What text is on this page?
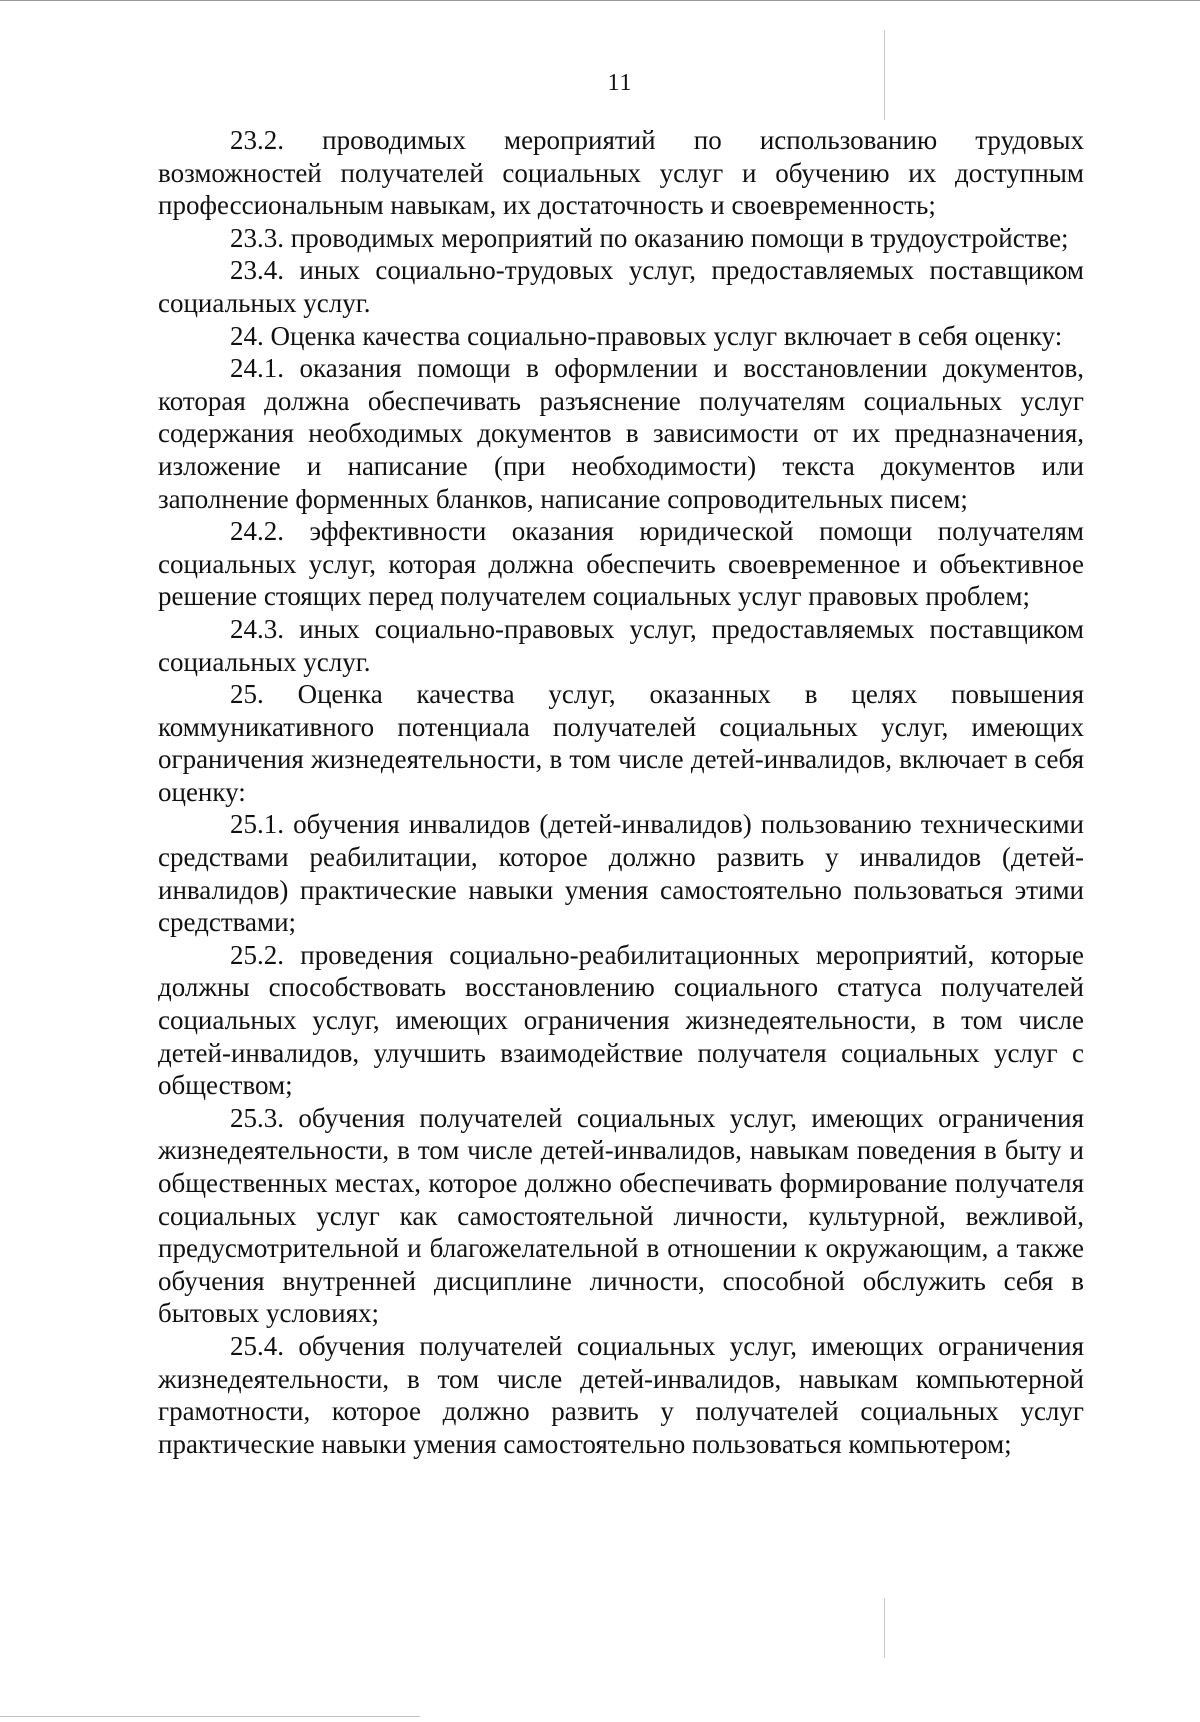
11

23.2. проводимых мероприятий по использованию трудовых возможностей получателей социальных услуг и обучению их доступным профессиональным навыкам, их достаточность и своевременность;

23.3. проводимых мероприятий по оказанию помощи в трудоустройстве;

23.4. иных социально-трудовых услуг, предоставляемых поставщиком социальных услуг.

24. Оценка качества социально-правовых услуг включает в себя оценку:

24.1. оказания помощи в оформлении и восстановлении документов, которая должна обеспечивать разъяснение получателям социальных услуг содержания необходимых документов в зависимости от их предназначения, изложение и написание (при необходимости) текста документов или заполнение форменных бланков, написание сопроводительных писем;

24.2. эффективности оказания юридической помощи получателям социальных услуг, которая должна обеспечить своевременное и объективное решение стоящих перед получателем социальных услуг правовых проблем;

24.3. иных социально-правовых услуг, предоставляемых поставщиком социальных услуг.

25. Оценка качества услуг, оказанных в целях повышения коммуникативного потенциала получателей социальных услуг, имеющих ограничения жизнедеятельности, в том числе детей-инвалидов, включает в себя оценку:

25.1. обучения инвалидов (детей-инвалидов) пользованию техническими средствами реабилитации, которое должно развить у инвалидов (детей-инвалидов) практические навыки умения самостоятельно пользоваться этими средствами;

25.2. проведения социально-реабилитационных мероприятий, которые должны способствовать восстановлению социального статуса получателей социальных услуг, имеющих ограничения жизнедеятельности, в том числе детей-инвалидов, улучшить взаимодействие получателя социальных услуг с обществом;

25.3. обучения получателей социальных услуг, имеющих ограничения жизнедеятельности, в том числе детей-инвалидов, навыкам поведения в быту и общественных местах, которое должно обеспечивать формирование получателя социальных услуг как самостоятельной личности, культурной, вежливой, предусмотрительной и благожелательной в отношении к окружающим, а также обучения внутренней дисциплине личности, способной обслужить себя в бытовых условиях;

25.4. обучения получателей социальных услуг, имеющих ограничения жизнедеятельности, в том числе детей-инвалидов, навыкам компьютерной грамотности, которое должно развить у получателей социальных услуг практические навыки умения самостоятельно пользоваться компьютером;
